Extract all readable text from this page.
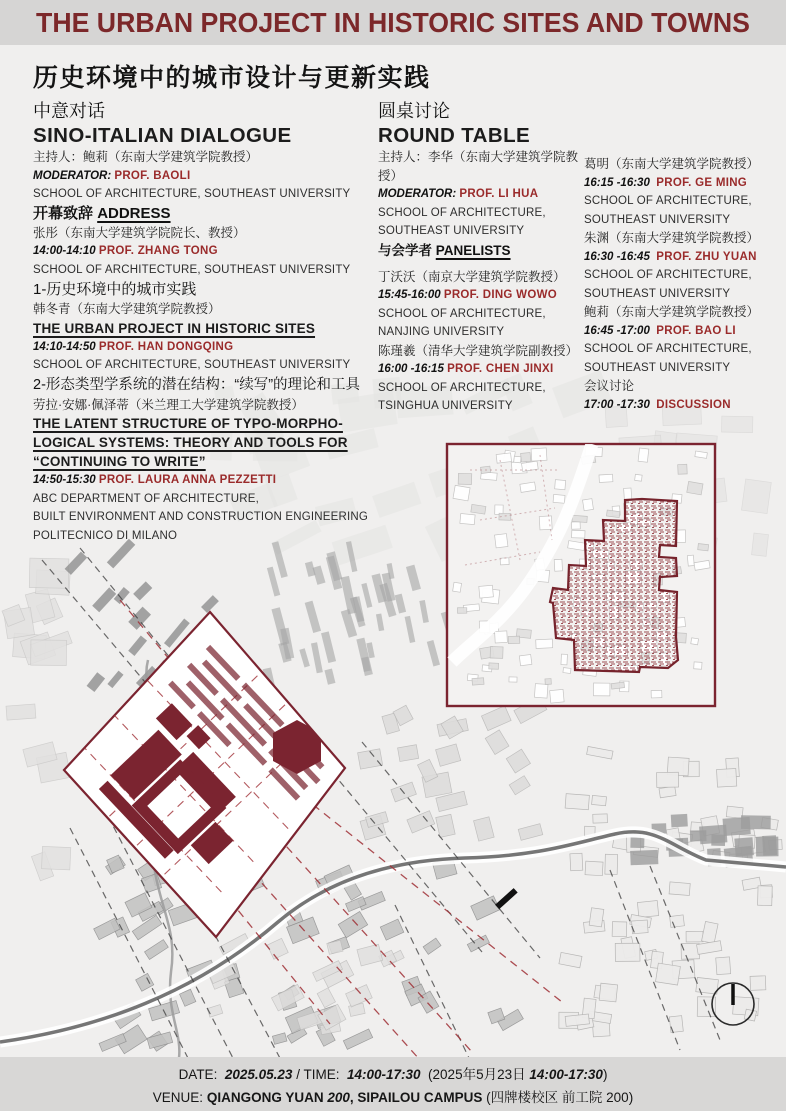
THE URBAN PROJECT IN HISTORIC SITES AND TOWNS
历史环境中的城市设计与更新实践

中意对话

SINO-ITALIAN DIALOGUE

主持人：鲍莉（东南大学建筑学院教授）

MODERATOR: PROF. BAOLI

SCHOOL OF ARCHITECTURE, SOUTHEAST UNIVERSITY

开幕致辞 ADDRESS

张彤（东南大学建筑学院院长、教授）

14:00-14:10 PROF. ZHANG TONG

SCHOOL OF ARCHITECTURE, SOUTHEAST UNIVERSITY

1-历史环境中的城市实践

韩冬青（东南大学建筑学院教授）

THE URBAN PROJECT IN HISTORIC SITES

14:10-14:50 PROF. HAN DONGQING

SCHOOL OF ARCHITECTURE, SOUTHEAST UNIVERSITY

2-形态类型学系统的潜在结构：“续写”的理论和工具

劳拉·安娜·佩泽蒂（米兰理工大学建筑学院教授）

THE LATENT STRUCTURE OF TYPO-MORPHO-

LOGICAL SYSTEMS: THEORY AND TOOLS FOR

“CONTINUING TO WRITE”

14:50-15:30 PROF. LAURA ANNA PEZZETTI

ABC DEPARTMENT OF ARCHITECTURE,

BUILT ENVIRONMENT AND CONSTRUCTION ENGINEERING

POLITECNICO DI MILANO

圆桌讨论

ROUND TABLE

主持人：李华（东南大学建筑学院教授）

MODERATOR: PROF. LI HUA

SCHOOL OF ARCHITECTURE,

SOUTHEAST UNIVERSITY

与会学者 PANELISTS

丁沃沃（南京大学建筑学院教授）

15:45-16:00 PROF. DING WOWO

SCHOOL OF ARCHITECTURE,

NANJING UNIVERSITY

陈瑾羲（清华大学建筑学院副教授）

16:00 -16:15 PROF. CHEN JINXI

SCHOOL OF ARCHITECTURE,

TSINGHUA UNIVERSITY

葛明（东南大学建筑学院教授）

16:15 -16:30 PROF. GE MING

SCHOOL OF ARCHITECTURE,

SOUTHEAST UNIVERSITY

朱渊（东南大学建筑学院教授）

16:30 -16:45 PROF. ZHU YUAN

SCHOOL OF ARCHITECTURE,

SOUTHEAST UNIVERSITY

鲍莉（东南大学建筑学院教授）

16:45 -17:00 PROF. BAO LI

SCHOOL OF ARCHITECTURE,

SOUTHEAST UNIVERSITY

会议讨论

17:00 -17:30 DISCUSSION

DATE: 2025.05.23 / TIME: 14:00-17:30 (2025年5月23日 14:00-17:30)

VENUE: QIANGONG YUAN 200, SIPAILOU CAMPUS (四牌楼校区 前工院 200)
